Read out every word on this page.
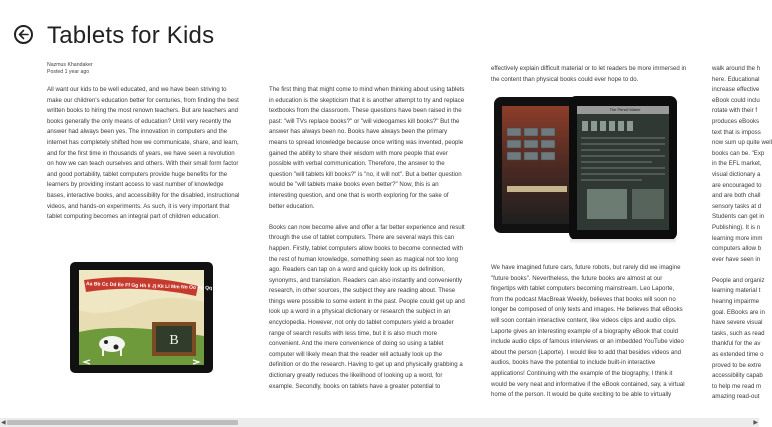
Tablets for Kids
Nazmus Khandaker
Posted 1 year ago

All want our kids to be well educated, and we have been striving to make our children's education better for centuries, from finding the best written books to hiring the most renown teachers. But are teachers and books generally the only means of education? Until very recently the answer had always been yes. The innovation in computers and the internet has completely shifted how we communicate, share, and learn, and for the first time in thousands of years, we have seen a revolution on how we can teach ourselves and others. With their small form factor and good portability, tablet computers provide huge benefits for the learners by providing instant access to vast number of knowledge bases, interactive books, and accessibility for the disabled, instructional videos, and hands-on experiments. As such, it is very important that tablet computing becomes an integral part of children education.

B
Aa Bb Cc Dd Ee Ff Gg Hh Ii Jj Kk Ll Mm Nn Oo Pp Qq Rr Ss Tt Uu Vv Ww Xx Yy Zz

The first thing that might come to mind when thinking about using tablets in education is the skepticism that it is another attempt to try and replace textbooks from the classroom. These questions have been raised in the past: "will TVs replace books?" or "will videogames kill books?" But the answer has always been no. Books have always been the primary means to spread knowledge because once writing was invented, people gained the ability to share their wisdom with more people that ever possible with verbal communication. Therefore, the answer to the question "will tablets kill books?" is "no, it will not". But a better question would be "will tablets make books even better?" Now, this is an interesting question, and one that is worth exploring for the sake of better education.

Books can now become alive and offer a far better experience and result through the use of tablet computers. There are several ways this can happen. Firstly, tablet computers allow books to become connected with the rest of human knowledge, something seen as magical not too long ago. Readers can tap on a word and quickly look up its definition, synonyms, and translation. Readers can also instantly and conveniently research, in other sources, the subject they are reading about. These things were possible to some extent in the past. People could get up and look up a word in a physical dictionary or research the subject in an encyclopedia. However, not only do tablet computers yield a broader range of search results with less time, but it is also much more convenient. And the mere convenience of doing so using a tablet computer will likely mean that the reader will actually look up the definition or do the research. Having to get up and physically grabbing a dictionary greatly reduces the likelihood of looking up a word, for example. Secondly, books on tablets have a greater potential to

effectively explain difficult material or to let readers be more immersed in the content than physical books could ever hope to do.

The Pencil Maker

We have imagined future cars, future robots, but rarely did we imagine "future books". Nevertheless, the future books are almost at our fingertips with tablet computers becoming mainstream. Leo Laporte, from the podcast MacBreak Weekly, believes that books will soon no longer be composed of only texts and images. He believes that eBooks will soon contain interactive content, like videos clips and audio clips. Laporte gives an interesting example of a biography eBook that could include audio clips of famous interviews or an imbedded YouTube video about the person (Laporte). I would like to add that besides videos and audios, books have the potential to include built-in interactive applications! Continuing with the example of the biography, I think it would be very neat and informative if the eBook contained, say, a virtual home of the person. It would be quite exciting to be able to virtually

walk around the h
here. Educational
increase effective
eBook could inclu
rotate with their f
produces eBooks
text that is imposs
now sum up quite well
books can be. "Exp
in the EFL market,
visual dictionary a
are encouraged to
and are both chall
sensory tasks at d
Students can get in
Publishing). It is n
learning more imm
computers allow b
ever have seen in

People and organiz
learning material t
hearing impairme
goal. EBooks are in
have severe visual
tasks, such as read
thankful for the av
as extended time o
proved to be extre
accessibility capab
to help me read m
amazing read-out
◀	▶
